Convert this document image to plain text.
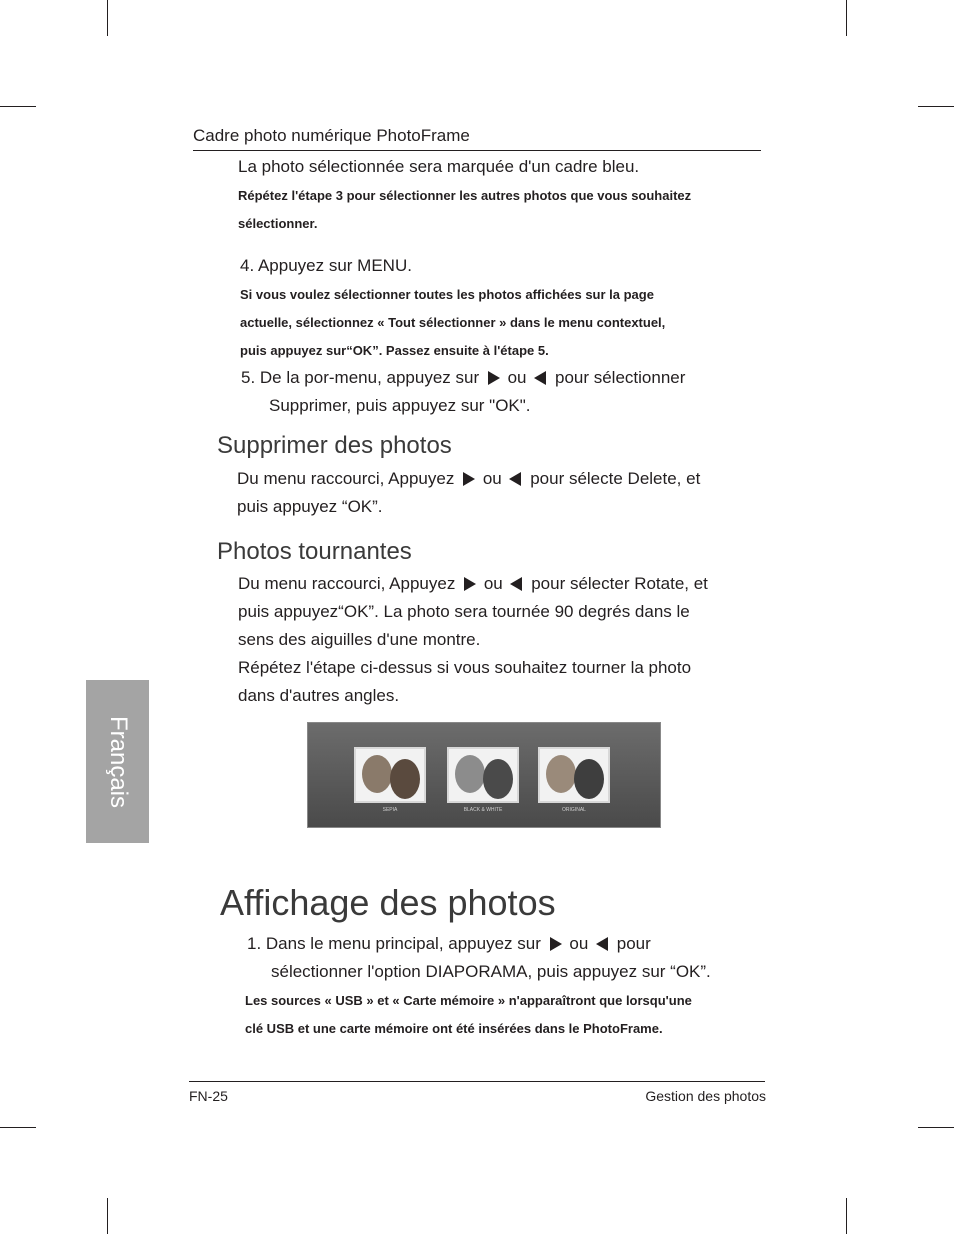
Cadre photo numérique PhotoFrame
Français
La photo sélectionnée sera marquée d'un cadre bleu.
Répétez l'étape 3 pour sélectionner les autres photos que vous souhaitez
sélectionner.
4. Appuyez sur MENU.
Si vous voulez sélectionner toutes les photos affichées sur la page
actuelle, sélectionnez « Tout sélectionner » dans le menu contextuel,
puis appuyez sur“OK”. Passez ensuite à l'étape 5.
5. De la por-menu, appuyez sur ou pour sélectionner
Supprimer, puis appuyez sur "OK".
Supprimer des photos
Du menu raccourci, Appuyez ou pour sélecte Delete, et
puis appuyez “OK”.
Photos tournantes
Du menu raccourci, Appuyez ou pour sélecter Rotate, et
puis appuyez“OK”. La photo sera tournée 90 degrés dans le
sens des aiguilles d'une montre.
Répétez l'étape ci-dessus si vous souhaitez tourner la photo
dans d'autres angles.
SEPIA	BLACK & WHITE	ORIGINAL
Affichage des photos
1. Dans le menu principal, appuyez sur ou pour
sélectionner l'option DIAPORAMA, puis appuyez sur “OK”.
Les sources « USB » et « Carte mémoire » n'apparaîtront que lorsqu'une
clé USB et une carte mémoire ont été insérées dans le PhotoFrame.
FN-25	Gestion des photos
